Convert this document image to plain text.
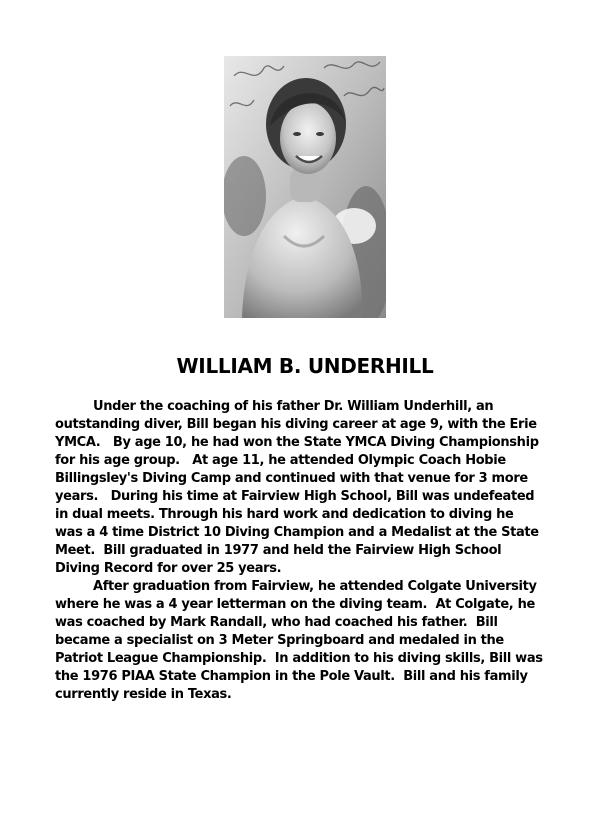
WILLIAM B. UNDERHILL

Under the coaching of his father Dr. William Underhill, an outstanding diver, Bill began his diving career at age 9, with the Erie YMCA.   By age 10, he had won the State YMCA Diving Championship for his age group.   At age 11, he attended Olympic Coach Hobie Billingsley's Diving Camp and continued with that venue for 3 more years.   During his time at Fairview High School, Bill was undefeated in dual meets. Through his hard work and dedication to diving he was a 4 time District 10 Diving Champion and a Medalist at the State Meet.  Bill graduated in 1977 and held the Fairview High School Diving Record for over 25 years.

After graduation from Fairview, he attended Colgate University where he was a 4 year letterman on the diving team.  At Colgate, he was coached by Mark Randall, who had coached his father.  Bill became a specialist on 3 Meter Springboard and medaled in the Patriot League Championship.  In addition to his diving skills, Bill was the 1976 PIAA State Champion in the Pole Vault.  Bill and his family currently reside in Texas.
